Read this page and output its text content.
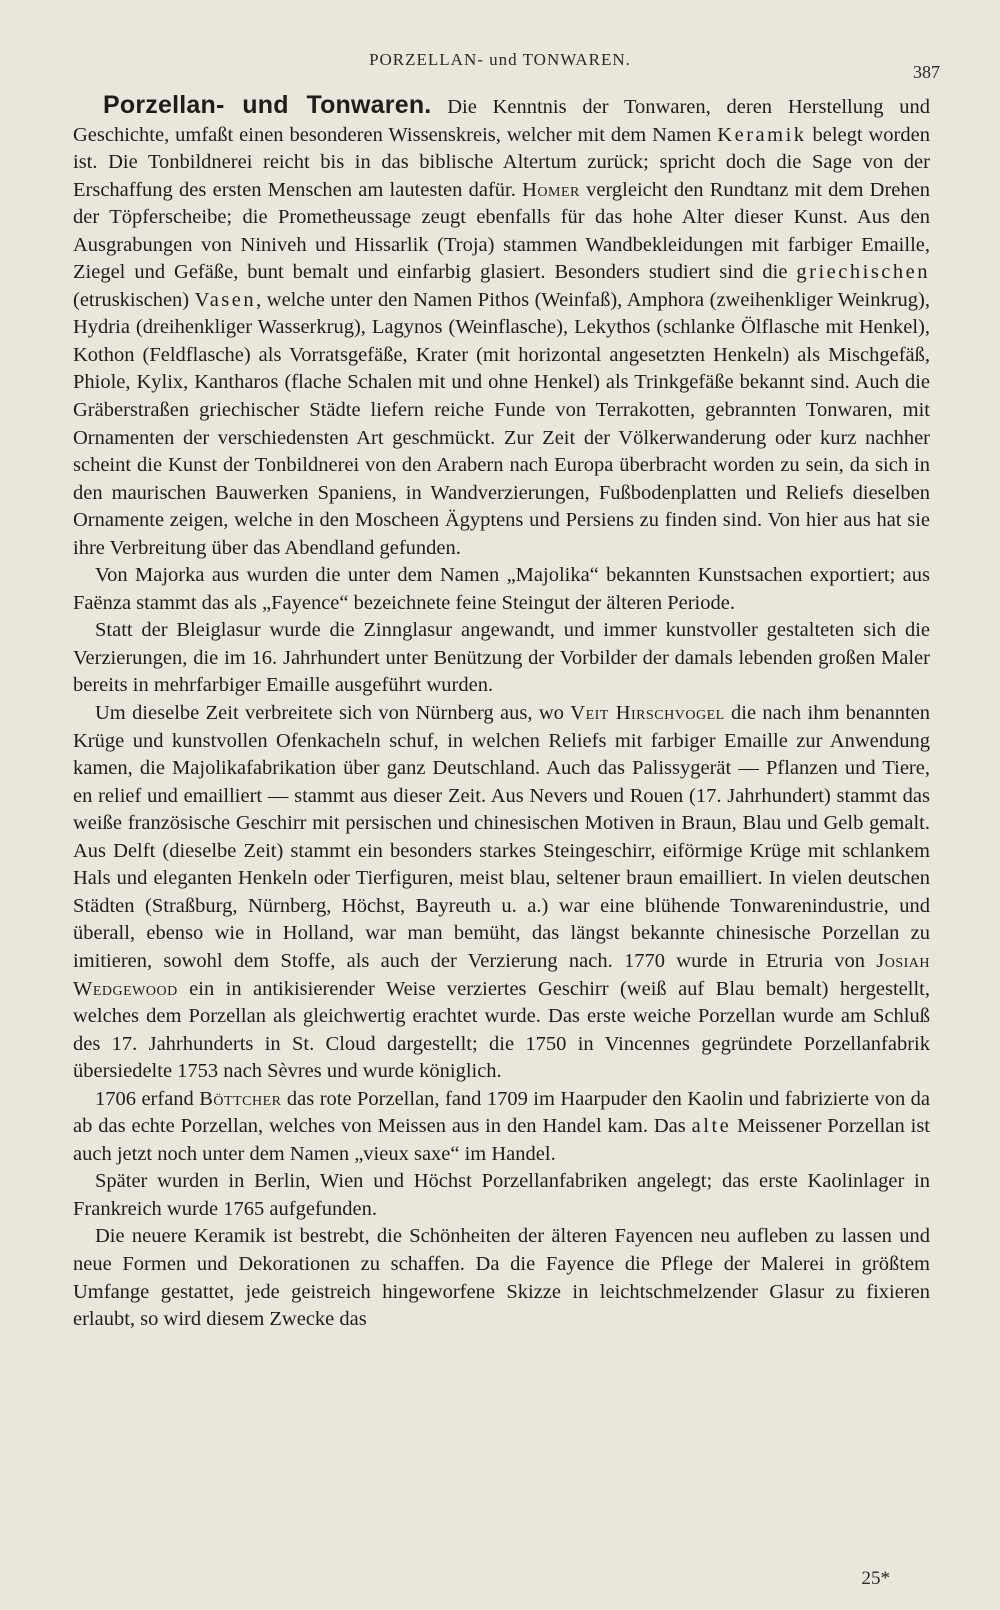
PORZELLAN- und TONWAREN.
387

Porzellan- und Tonwaren. Die Kenntnis der Tonwaren, deren Herstellung und Geschichte, umfaßt einen besonderen Wissenskreis, welcher mit dem Namen Keramik belegt worden ist. Die Tonbildnerei reicht bis in das biblische Altertum zurück; spricht doch die Sage von der Erschaffung des ersten Menschen am lautesten dafür. Homer vergleicht den Rundtanz mit dem Drehen der Töpferscheibe; die Prometheussage zeugt ebenfalls für das hohe Alter dieser Kunst. Aus den Ausgrabungen von Niniveh und Hissarlik (Troja) stammen Wandbekleidungen mit farbiger Emaille, Ziegel und Gefäße, bunt bemalt und einfarbig glasiert. Besonders studiert sind die griechischen (etruskischen) Vasen, welche unter den Namen Pithos (Weinfaß), Amphora (zweihenkliger Weinkrug), Hydria (dreihenkliger Wasserkrug), Lagynos (Weinflasche), Lekythos (schlanke Ölflasche mit Henkel), Kothon (Feldflasche) als Vorratsgefäße, Krater (mit horizontal angesetzten Henkeln) als Mischgefäß, Phiole, Kylix, Kantharos (flache Schalen mit und ohne Henkel) als Trinkgefäße bekannt sind. Auch die Gräberstraßen griechischer Städte liefern reiche Funde von Terrakotten, gebrannten Tonwaren, mit Ornamenten der verschiedensten Art geschmückt. Zur Zeit der Völkerwanderung oder kurz nachher scheint die Kunst der Tonbildnerei von den Arabern nach Europa überbracht worden zu sein, da sich in den maurischen Bauwerken Spaniens, in Wandverzierungen, Fußbodenplatten und Reliefs dieselben Ornamente zeigen, welche in den Moscheen Ägyptens und Persiens zu finden sind. Von hier aus hat sie ihre Verbreitung über das Abendland gefunden.

Von Majorka aus wurden die unter dem Namen „Majolika“ bekannten Kunstsachen exportiert; aus Faënza stammt das als „Fayence“ bezeichnete feine Steingut der älteren Periode.

Statt der Bleiglasur wurde die Zinnglasur angewandt, und immer kunstvoller gestalteten sich die Verzierungen, die im 16. Jahrhundert unter Benützung der Vorbilder der damals lebenden großen Maler bereits in mehrfarbiger Emaille ausgeführt wurden.

Um dieselbe Zeit verbreitete sich von Nürnberg aus, wo Veit Hirschvogel die nach ihm benannten Krüge und kunstvollen Ofenkacheln schuf, in welchen Reliefs mit farbiger Emaille zur Anwendung kamen, die Majolikafabrikation über ganz Deutschland. Auch das Palissygerät — Pflanzen und Tiere, en relief und emailliert — stammt aus dieser Zeit. Aus Nevers und Rouen (17. Jahrhundert) stammt das weiße französische Geschirr mit persischen und chinesischen Motiven in Braun, Blau und Gelb gemalt. Aus Delft (dieselbe Zeit) stammt ein besonders starkes Steingeschirr, eiförmige Krüge mit schlankem Hals und eleganten Henkeln oder Tierfiguren, meist blau, seltener braun emailliert. In vielen deutschen Städten (Straßburg, Nürnberg, Höchst, Bayreuth u. a.) war eine blühende Tonwarenindustrie, und überall, ebenso wie in Holland, war man bemüht, das längst bekannte chinesische Porzellan zu imitieren, sowohl dem Stoffe, als auch der Verzierung nach. 1770 wurde in Etruria von Josiah Wedgewood ein in antikisierender Weise verziertes Geschirr (weiß auf Blau bemalt) hergestellt, welches dem Porzellan als gleichwertig erachtet wurde. Das erste weiche Porzellan wurde am Schluß des 17. Jahrhunderts in St. Cloud dargestellt; die 1750 in Vincennes gegründete Porzellanfabrik übersiedelte 1753 nach Sèvres und wurde königlich.

1706 erfand Böttcher das rote Porzellan, fand 1709 im Haarpuder den Kaolin und fabrizierte von da ab das echte Porzellan, welches von Meissen aus in den Handel kam. Das alte Meissener Porzellan ist auch jetzt noch unter dem Namen „vieux saxe“ im Handel.

Später wurden in Berlin, Wien und Höchst Porzellanfabriken angelegt; das erste Kaolinlager in Frankreich wurde 1765 aufgefunden.

Die neuere Keramik ist bestrebt, die Schönheiten der älteren Fayencen neu aufleben zu lassen und neue Formen und Dekorationen zu schaffen. Da die Fayence die Pflege der Malerei in größtem Umfange gestattet, jede geistreich hingeworfene Skizze in leichtschmelzender Glasur zu fixieren erlaubt, so wird diesem Zwecke das

25*
